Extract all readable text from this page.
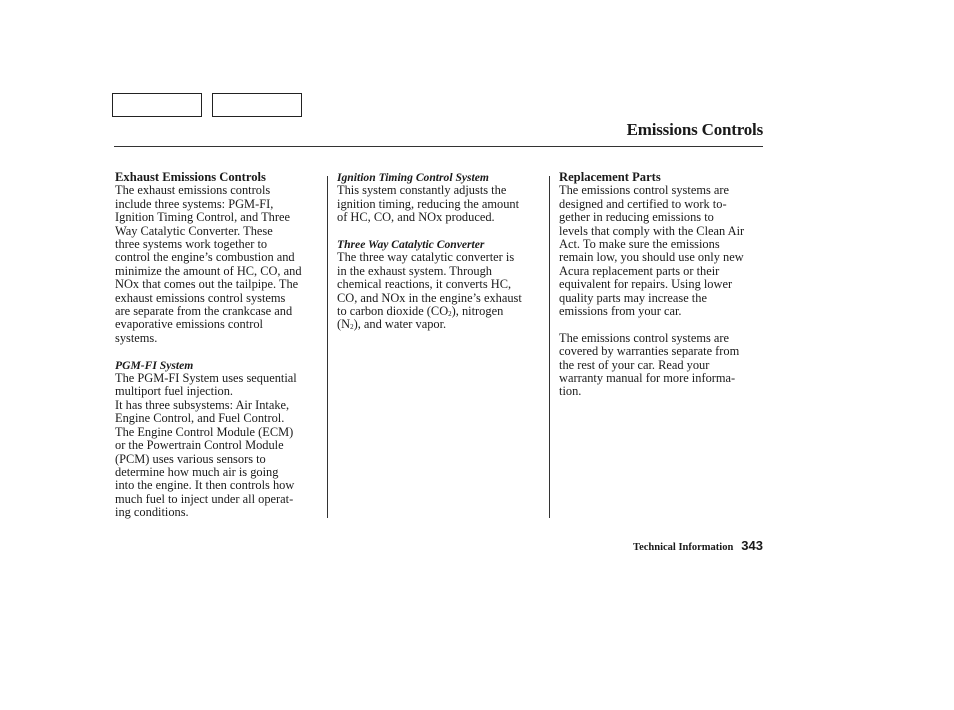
Emissions Controls
Exhaust Emissions Controls
The exhaust emissions controls
include three systems: PGM-FI,
Ignition Timing Control, and Three
Way Catalytic Converter. These
three systems work together to
control the engine’s combustion and
minimize the amount of HC, CO, and
NOx that comes out the tailpipe. The
exhaust emissions control systems
are separate from the crankcase and
evaporative emissions control
systems.
PGM-FI System
The PGM-FI System uses sequential
multiport fuel injection.
It has three subsystems: Air Intake,
Engine Control, and Fuel Control.
The Engine Control Module (ECM)
or the Powertrain Control Module
(PCM) uses various sensors to
determine how much air is going
into the engine. It then controls how
much fuel to inject under all operat-
ing conditions.
Ignition Timing Control System
This system constantly adjusts the
ignition timing, reducing the amount
of HC, CO, and NOx produced.
Three Way Catalytic Converter
The three way catalytic converter is
in the exhaust system. Through
chemical reactions, it converts HC,
CO, and NOx in the engine’s exhaust
to carbon dioxide $(CO_2)$, nitrogen
$(N_2)$, and water vapor.
Replacement Parts
The emissions control systems are
designed and certified to work to-
gether in reducing emissions to
levels that comply with the Clean Air
Act. To make sure the emissions
remain low, you should use only new
Acura replacement parts or their
equivalent for repairs. Using lower
quality parts may increase the
emissions from your car.
The emissions control systems are
covered by warranties separate from
the rest of your car. Read your
warranty manual for more informa-
tion.
Technical Information 343
